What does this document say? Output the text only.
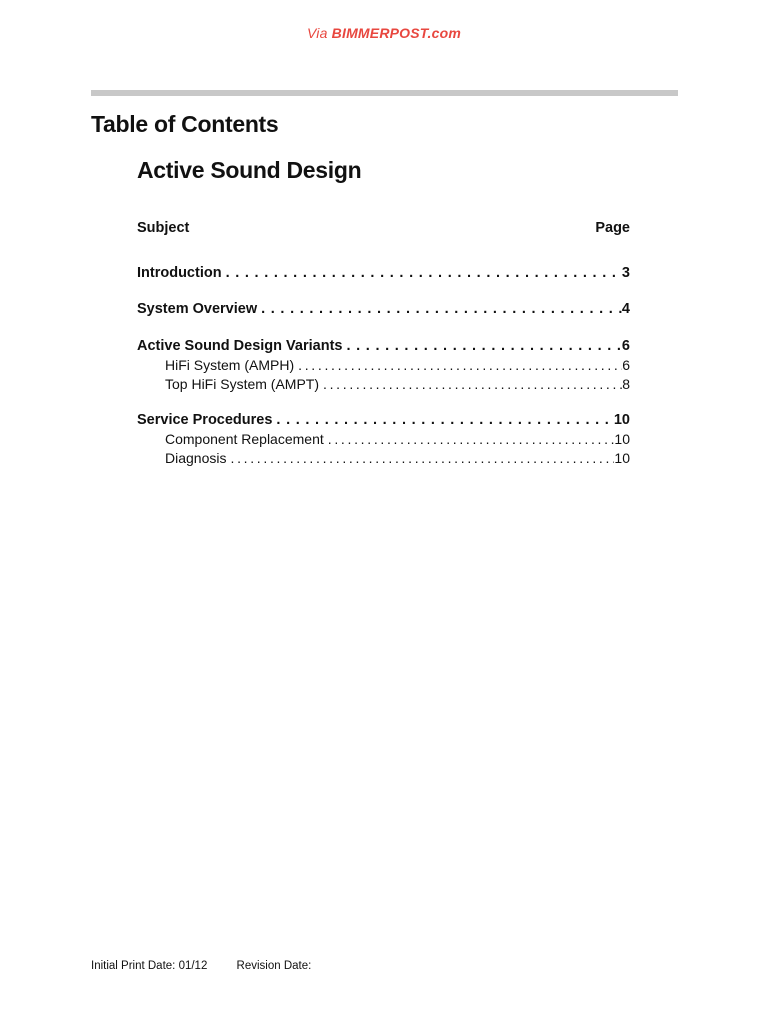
Via BIMMERPOST.com
Table of Contents
Active Sound Design
Subject	Page
Introduction . . .	3
System Overview . . .	4
Active Sound Design Variants . . .	6
HiFi System (AMPH) . . .	6
Top HiFi System (AMPT) . . .	8
Service Procedures . . .	10
Component Replacement . . .	10
Diagnosis . . .	10
Initial Print Date: 01/12	Revision Date:
